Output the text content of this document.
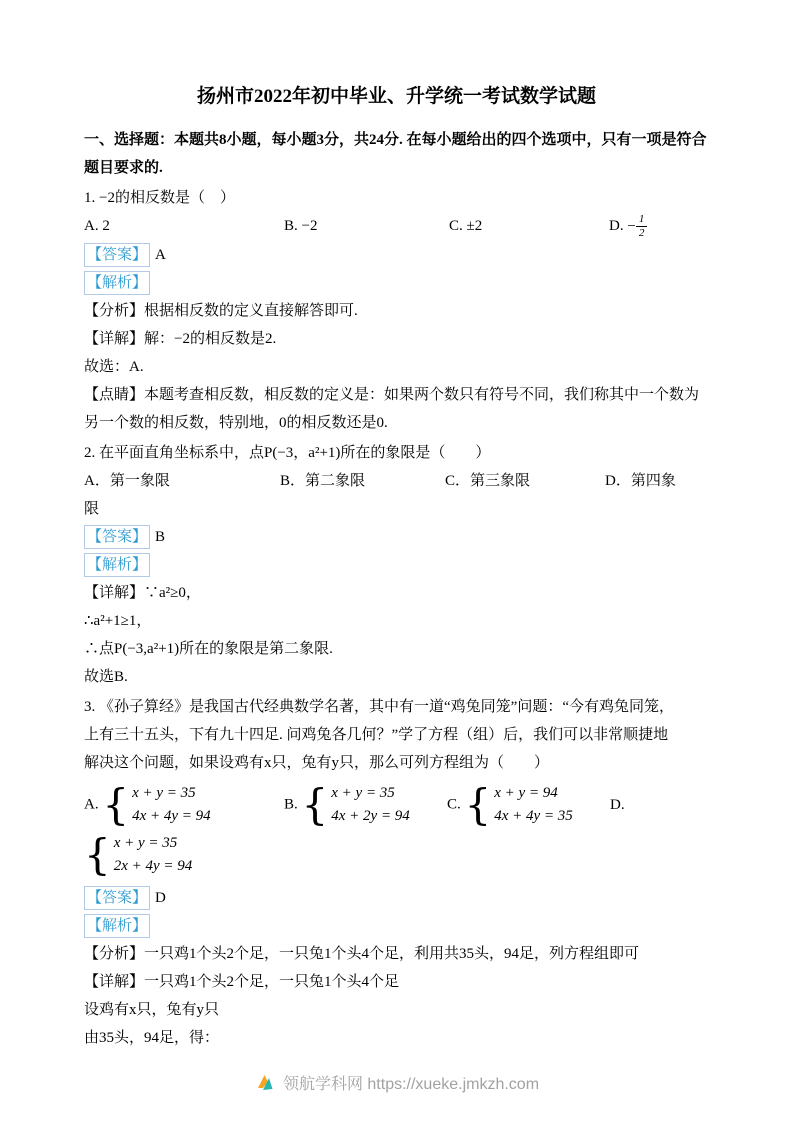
扬州市2022年初中毕业、升学统一考试数学试题

一、选择题：本题共8小题，每小题3分，共24分. 在每小题给出的四个选项中，只有一项是符合题目要求的.

1. −2的相反数是（　）

A. 2	B. −2	C. ±2	D. − $\frac{1}{2}$

【答案】 A

【解析】

【分析】根据相反数的定义直接解答即可.

【详解】解：−2的相反数是2.

故选：A.

【点睛】本题考查相反数，相反数的定义是：如果两个数只有符号不同，我们称其中一个数为另一个数的相反数，特别地，0的相反数还是0.

2. 在平面直角坐标系中，点P(−3，a²+1)所在的象限是（　　）

A．第一象限	B．第二象限	C．第三象限	D．第四象

限

【答案】 B

【解析】

【详解】∵a²≥0，

∴a²+1≥1，

∴点P(−3,a²+1)所在的象限是第二象限.

故选B.

3. 《孙子算经》是我国古代经典数学名著，其中有一道“鸡兔同笼”问题：“今有鸡兔同笼，

上有三十五头，下有九十四足. 问鸡兔各几何？”学了方程（组）后，我们可以非常顺捷地

解决这个问题，如果设鸡有x只，兔有y只，那么可列方程组为（　　）

A. { x + y = 35
4x + 4y = 94
B. { x + y = 35
4x + 2y = 94
C. { x + y = 94
4x + 4y = 35
D.
{ x + y = 35
2x + 4y = 94

【答案】 D

【解析】

【分析】一只鸡1个头2个足，一只兔1个头4个足，利用共35头，94足，列方程组即可

【详解】一只鸡1个头2个足，一只兔1个头4个足

设鸡有x只，兔有y只

由35头，94足，得：

领航学科网 https://xueke.jmkzh.com
